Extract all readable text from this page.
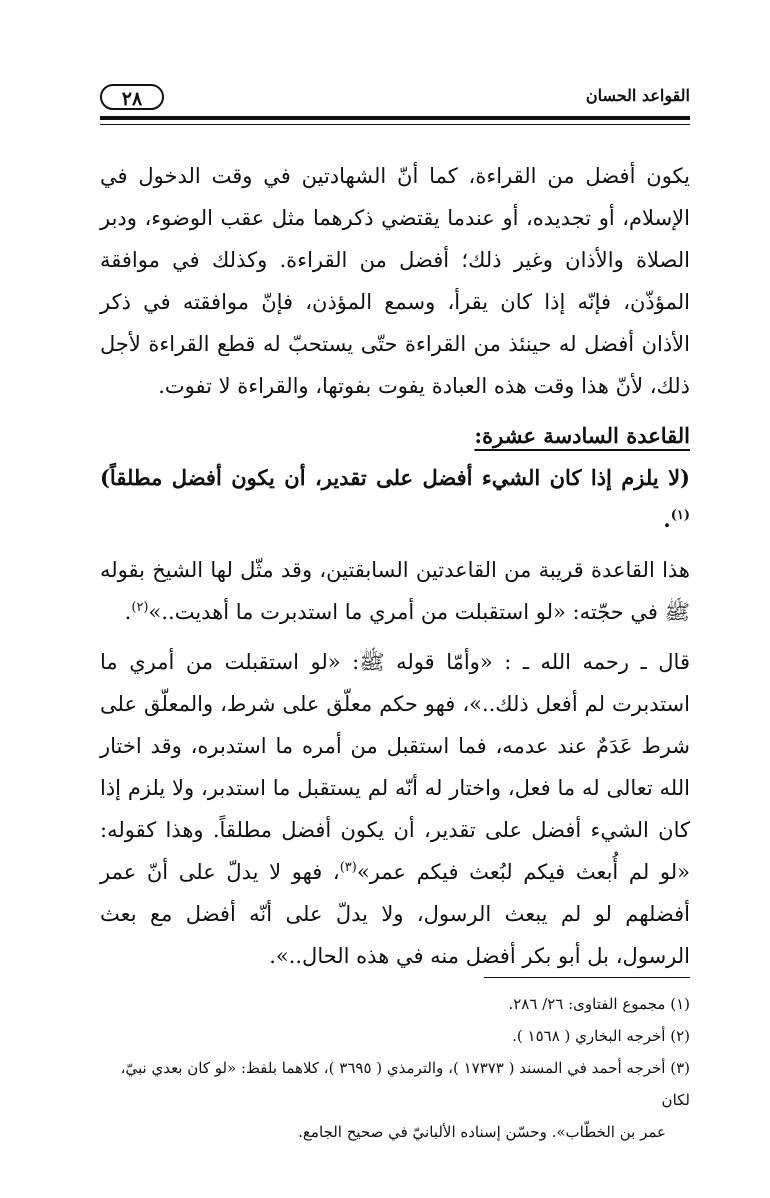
٢٨	القواعد الحسان

يكون أفضل من القراءة، كما أنّ الشهادتين في وقت الدخول في الإسلام، أو تجديده، أو عندما يقتضي ذكرهما مثل عقب الوضوء، ودبر الصلاة والأذان وغير ذلك؛ أفضل من القراءة. وكذلك في موافقة المؤذّن، فإنّه إذا كان يقرأ، وسمع المؤذن، فإنّ موافقته في ذكر الأذان أفضل له حينئذ من القراءة حتّى يستحبّ له قطع القراءة لأجل ذلك، لأنّ هذا وقت هذه العبادة يفوت بفوتها، والقراءة لا تفوت.

القاعدة السادسة عشرة:

(لا يلزم إذا كان الشيء أفضل على تقدير، أن يكون أفضل مطلقاً)$^{(١)}$.

هذا القاعدة قريبة من القاعدتين السابقتين، وقد مثّل لها الشيخ بقوله ﷺ في حجّته: «لو استقبلت من أمري ما استدبرت ما أهديت..»$^{(٢)}$.

قال ـ رحمه الله ـ : «وأمّا قوله ﷺ: «لو استقبلت من أمري ما استدبرت لم أفعل ذلك..»، فهو حكم معلّق على شرط، والمعلّق على شرط عَدَمٌ عند عدمه، فما استقبل من أمره ما استدبره، وقد اختار الله تعالى له ما فعل، واختار له أنّه لم يستقبل ما استدبر، ولا يلزم إذا كان الشيء أفضل على تقدير، أن يكون أفضل مطلقاً. وهذا كقوله: «لو لم أُبعث فيكم لبُعث فيكم عمر»$^{(٣)}$، فهو لا يدلّ على أنّ عمر أفضلهم لو لم يبعث الرسول، ولا يدلّ على أنّه أفضل مع بعث الرسول، بل أبو بكر أفضل منه في هذه الحال..».

(١) مجموع الفتاوى: ٢٦/ ٢٨٦.

(٢) أخرجه البخاري ( ١٥٦٨ ).

(٣) أخرجه أحمد في المسند ( ١٧٣٧٣ )، والترمذي ( ٣٦٩٥ )، كلاهما بلفظ: «لو كان بعدي نبيّ، لكان

عمر بن الخطّاب». وحسّن إسناده الألبانيّ في صحيح الجامع.
